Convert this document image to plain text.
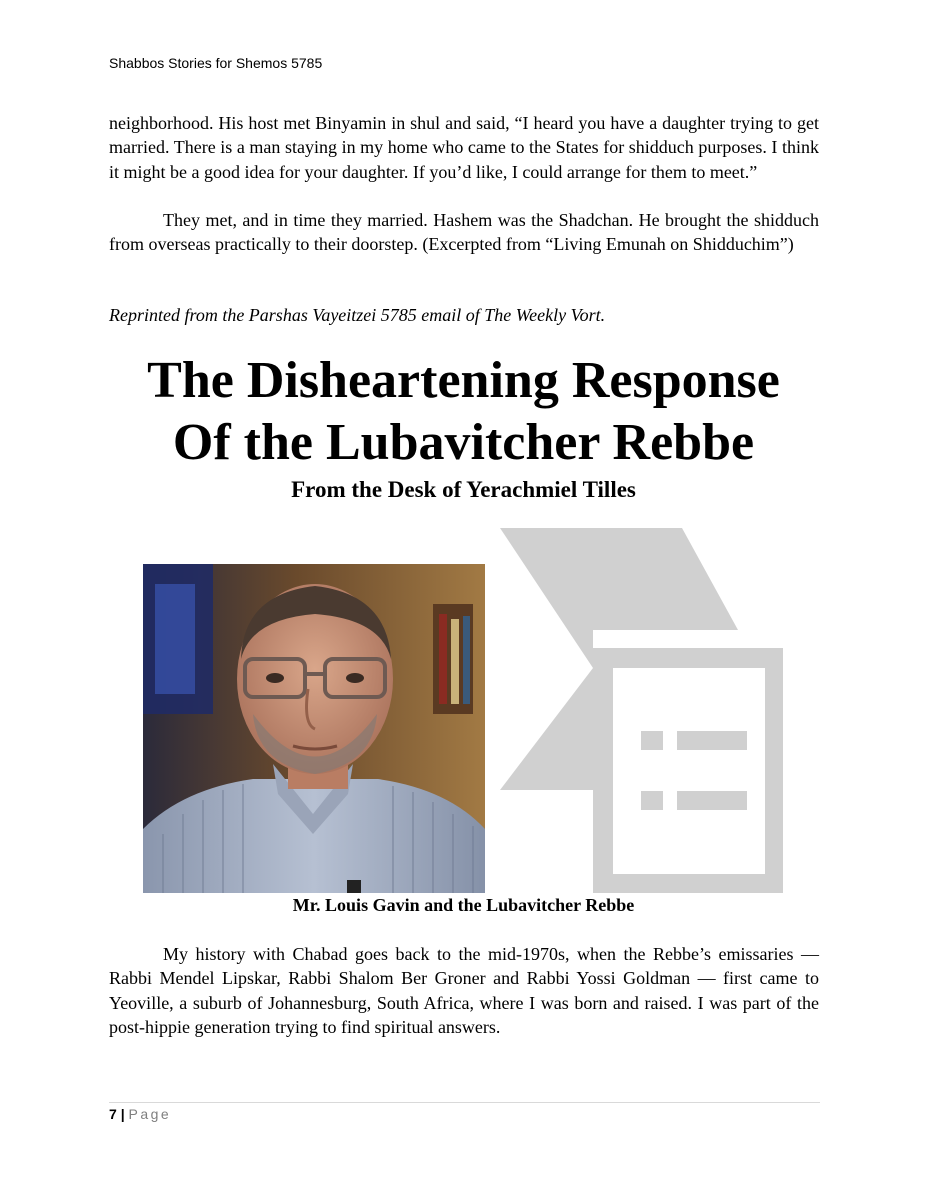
Shabbos Stories for Shemos 5785

neighborhood. His host met Binyamin in shul and said, “I heard you have a daughter trying to get married. There is a man staying in my home who came to the States for shidduch purposes. I think it might be a good idea for your daughter. If you’d like, I could arrange for them to meet.”

They met, and in time they married. Hashem was the Shadchan. He brought the shidduch from overseas practically to their doorstep. (Excerpted from “Living Emunah on Shidduchim”)

Reprinted from the Parshas Vayeitzei 5785 email of The Weekly Vort.

The Disheartening Response
Of the Lubavitcher Rebbe
From the Desk of Yerachmiel Tilles

Mr. Louis Gavin and the Lubavitcher Rebbe

My history with Chabad goes back to the mid-1970s, when the Rebbe’s emissaries — Rabbi Mendel Lipskar, Rabbi Shalom Ber Groner and Rabbi Yossi Goldman — first came to Yeoville, a suburb of Johannesburg, South Africa, where I was born and raised. I was part of the post-hippie generation trying to find spiritual answers.

7 | Page
